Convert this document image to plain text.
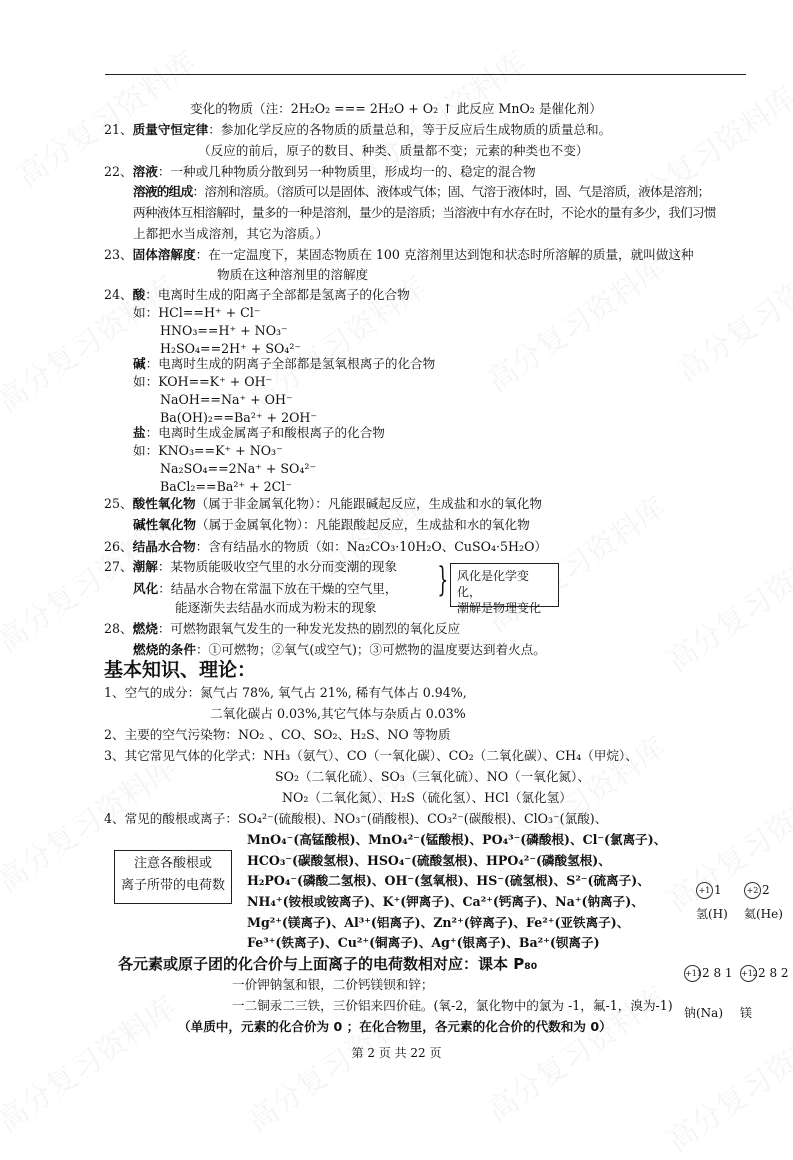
变化的物质（注：2H₂O₂ === 2H₂O + O₂ ↑ 此反应 MnO₂ 是催化剂）
21、质量守恒定律：参加化学反应的各物质的质量总和，等于反应后生成物质的质量总和。
（反应的前后，原子的数目、种类、质量都不变；元素的种类也不变）
22、溶液：一种或几种物质分散到另一种物质里，形成均一的、稳定的混合物
溶液的组成：溶剂和溶质。（溶质可以是固体、液体或气体；固、气溶于液体时，固、气是溶质，液体是溶剂；
两种液体互相溶解时，量多的一种是溶剂，量少的是溶质；当溶液中有水存在时，不论水的量有多少，我们习惯
上都把水当成溶剂，其它为溶质。）
23、固体溶解度：在一定温度下，某固态物质在 100 克溶剂里达到饱和状态时所溶解的质量，就叫做这种
物质在这种溶剂里的溶解度
24、酸：电离时生成的阳离子全部都是氢离子的化合物
如：HCl==H⁺ + Cl⁻
HNO₃==H⁺ + NO₃⁻
H₂SO₄==2H⁺ + SO₄²⁻
碱：电离时生成的阴离子全部都是氢氧根离子的化合物
如：KOH==K⁺ + OH⁻
NaOH==Na⁺ + OH⁻
Ba(OH)₂==Ba²⁺ + 2OH⁻
盐：电离时生成金属离子和酸根离子的化合物
如：KNO₃==K⁺ + NO₃⁻
Na₂SO₄==2Na⁺ + SO₄²⁻
BaCl₂==Ba²⁺ + 2Cl⁻
25、酸性氧化物（属于非金属氧化物）：凡能跟碱起反应，生成盐和水的氧化物
碱性氧化物（属于金属氧化物）：凡能跟酸起反应，生成盐和水的氧化物
26、结晶水合物：含有结晶水的物质（如：Na₂CO₃·10H₂O、CuSO₄·5H₂O）
27、潮解：某物质能吸收空气里的水分而变潮的现象
风化：结晶水合物在常温下放在干燥的空气里，
能逐渐失去结晶水而成为粉末的现象
28、燃烧：可燃物跟氧气发生的一种发光发热的剧烈的氧化反应
燃烧的条件：①可燃物；②氧气(或空气)；③可燃物的温度要达到着火点。
基本知识、理论：
1、空气的成分：氮气占 78%, 氧气占 21%, 稀有气体占 0.94%,
二氧化碳占 0.03%,其它气体与杂质占 0.03%
2、主要的空气污染物：NO₂ 、CO、SO₂、H₂S、NO 等物质
3、其它常见气体的化学式：NH₃（氨气）、CO（一氧化碳）、CO₂（二氧化碳）、CH₄（甲烷）、
SO₂（二氧化硫）、SO₃（三氧化硫）、NO（一氧化氮）、
NO₂（二氧化氮）、H₂S（硫化氢）、HCl（氯化氢）
4、常见的酸根或离子：SO₄²⁻(硫酸根)、NO₃⁻(硝酸根)、CO₃²⁻(碳酸根)、ClO₃⁻(氯酸)、
MnO₄⁻(高锰酸根)、MnO₄²⁻(锰酸根)、PO₄³⁻(磷酸根)、Cl⁻(氯离子)、
HCO₃⁻(碳酸氢根)、HSO₄⁻(硫酸氢根)、HPO₄²⁻(磷酸氢根)、
H₂PO₄⁻(磷酸二氢根)、OH⁻(氢氧根)、HS⁻(硫氢根)、S²⁻(硫离子)、
NH₄⁺(铵根或铵离子)、K⁺(钾离子)、Ca²⁺(钙离子)、Na⁺(钠离子)、
Mg²⁺(镁离子)、Al³⁺(铝离子)、Zn²⁺(锌离子)、Fe²⁺(亚铁离子)、
Fe³⁺(铁离子)、Cu²⁺(铜离子)、Ag⁺(银离子)、Ba²⁺(钡离子)
各元素或原子团的化合价与上面离子的电荷数相对应：课本 P₈₀
一价钾钠氢和银，二价钙镁钡和锌；
一二铜汞二三铁，三价铝来四价硅。(氧-2，氯化物中的氯为 -1，氟-1，溴为-1)
（单质中，元素的化合价为 0 ；在化合物里，各元素的化合价的代数和为 0）
风化是化学变化，
潮解是物理变化
}
注意各酸根或
离子所带的电荷数	+1 1
氢(H)
+2 2
氦(He)
+112 8 1
钠(Na)
+122 8 2
镁
第 2 页 共 22 页
